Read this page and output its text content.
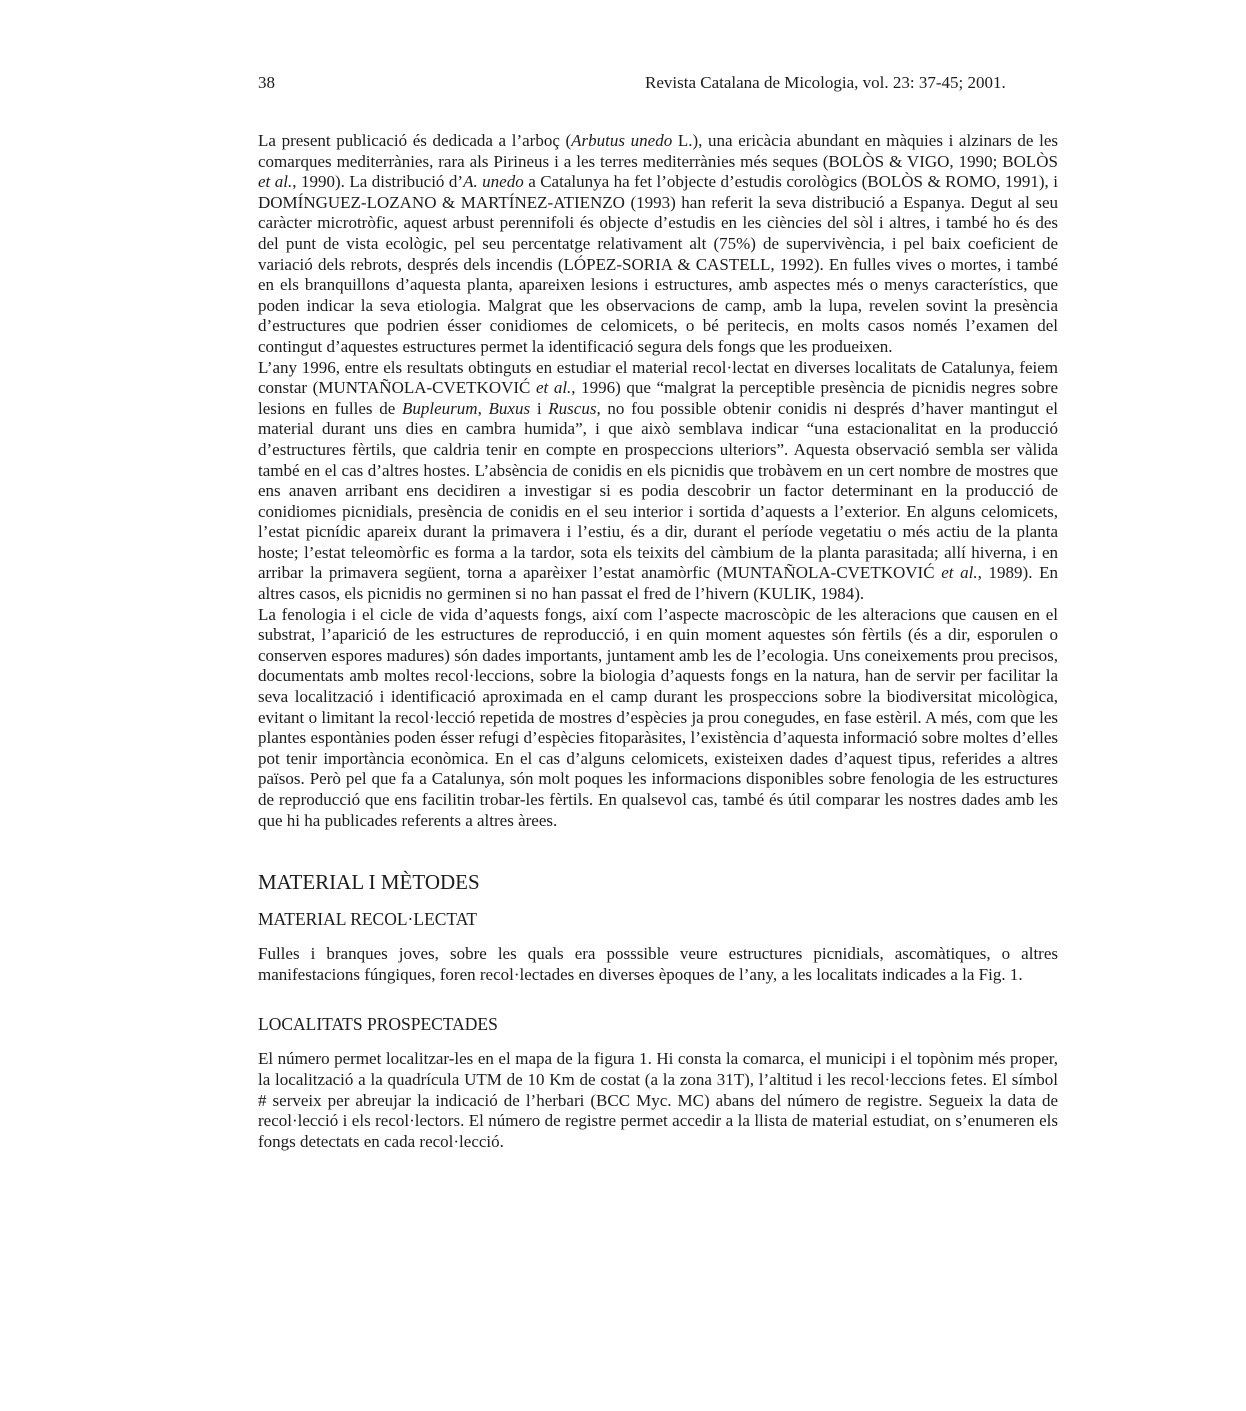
38	Revista Catalana de Micologia, vol. 23: 37-45; 2001.

La present publicació és dedicada a l’arboç (Arbutus unedo L.), una ericàcia abundant en màquies i alzinars de les comarques mediterrànies, rara als Pirineus i a les terres mediterrànies més seques (BOLÒS & VIGO, 1990; BOLÒS et al., 1990). La distribució d’A. unedo a Catalunya ha fet l’objecte d’estudis corològics (BOLÒS & ROMO, 1991), i DOMÍNGUEZ-LOZANO & MARTÍNEZ-ATIENZO (1993) han referit la seva distribució a Espanya. Degut al seu caràcter microtròfic, aquest arbust perennifoli és objecte d’estudis en les ciències del sòl i altres, i també ho és des del punt de vista ecològic, pel seu percentatge relativament alt (75%) de supervivència, i pel baix coeficient de variació dels rebrots, després dels incendis (LÓPEZ-SORIA & CASTELL, 1992). En fulles vives o mortes, i també en els branquillons d’aquesta planta, apareixen lesions i estructures, amb aspectes més o menys característics, que poden indicar la seva etiologia. Malgrat que les observacions de camp, amb la lupa, revelen sovint la presència d’estructures que podrien ésser conidiomes de celomicets, o bé peritecis, en molts casos només l’examen del contingut d’aquestes estructures permet la identificació segura dels fongs que les produeixen.

L’any 1996, entre els resultats obtinguts en estudiar el material recol·lectat en diverses localitats de Catalunya, feiem constar (MUNTAÑOLA-CVETKOVIĆ et al., 1996) que “malgrat la perceptible presència de picnidis negres sobre lesions en fulles de Bupleurum, Buxus i Ruscus, no fou possible obtenir conidis ni després d’haver mantingut el material durant uns dies en cambra humida”, i que això semblava indicar “una estacionalitat en la producció d’estructures fèrtils, que caldria tenir en compte en prospeccions ulteriors”. Aquesta observació sembla ser vàlida també en el cas d’altres hostes. L’absència de conidis en els picnidis que trobàvem en un cert nombre de mostres que ens anaven arribant ens decidiren a investigar si es podia descobrir un factor determinant en la producció de conidiomes picnidials, presència de conidis en el seu interior i sortida d’aquests a l’exterior. En alguns celomicets, l’estat picnídic apareix durant la primavera i l’estiu, és a dir, durant el període vegetatiu o més actiu de la planta hoste; l’estat teleomòrfic es forma a la tardor, sota els teixits del càmbium de la planta parasitada; allí hiverna, i en arribar la primavera següent, torna a aparèixer l’estat anamòrfic (MUNTAÑOLA-CVETKOVIĆ et al., 1989). En altres casos, els picnidis no germinen si no han passat el fred de l’hivern (KULIK, 1984).

La fenologia i el cicle de vida d’aquests fongs, així com l’aspecte macroscòpic de les alteracions que causen en el substrat, l’aparició de les estructures de reproducció, i en quin moment aquestes són fèrtils (és a dir, esporulen o conserven espores madures) són dades importants, juntament amb les de l’ecologia. Uns coneixements prou precisos, documentats amb moltes recol·leccions, sobre la biologia d’aquests fongs en la natura, han de servir per facilitar la seva localització i identificació aproximada en el camp durant les prospeccions sobre la biodiversitat micològica, evitant o limitant la recol·lecció repetida de mostres d’espècies ja prou conegudes, en fase estèril. A més, com que les plantes espontànies poden ésser refugi d’espècies fitoparàsites, l’existència d’aquesta informació sobre moltes d’elles pot tenir importància econòmica. En el cas d’alguns celomicets, existeixen dades d’aquest tipus, referides a altres països. Però pel que fa a Catalunya, són molt poques les informacions disponibles sobre fenologia de les estructures de reproducció que ens facilitin trobar-les fèrtils. En qualsevol cas, també és útil comparar les nostres dades amb les que hi ha publicades referents a altres àrees.

MATERIAL I MÈTODES
MATERIAL RECOL·LECTAT

Fulles i branques joves, sobre les quals era posssible veure estructures picnidials, ascomàtiques, o altres manifestacions fúngiques, foren recol·lectades en diverses èpoques de l’any, a les localitats indicades a la Fig. 1.

LOCALITATS PROSPECTADES

El número permet localitzar-les en el mapa de la figura 1. Hi consta la comarca, el municipi i el topònim més proper, la localització a la quadrícula UTM de 10 Km de costat (a la zona 31T), l’altitud i les recol·leccions fetes. El símbol # serveix per abreujar la indicació de l’herbari (BCC Myc. MC) abans del número de registre. Segueix la data de recol·lecció i els recol·lectors. El número de registre permet accedir a la llista de material estudiat, on s’enumeren els fongs detectats en cada recol·lecció.
